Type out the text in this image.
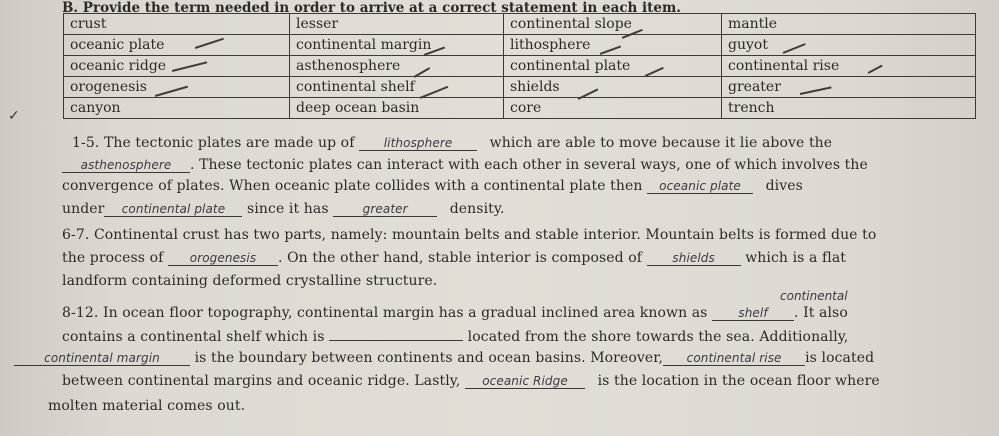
B. Provide the term needed in order to arrive at a correct statement in each item.
crust	lesser	continental slope	mantle
oceanic plate	continental margin	lithosphere	guyot
oceanic ridge	asthenosphere	continental plate	continental rise
orogenesis	continental shelf	shields	greater
canyon	deep ocean basin	core	trench
✓
1-5. The tectonic plates are made up of lithosphere	which are able to move because it lie above the
asthenosphere . These tectonic plates can interact with each other in several ways, one of which involves the
convergence of plates. When oceanic plate collides with a continental plate then oceanic plate dives
under continental plate since it has	greater	density.
6-7. Continental crust has two parts, namely: mountain belts and stable interior. Mountain belts is formed due to
the process of orogenesis . On the other hand, stable interior is composed of	shields which is a flat
landform containing deformed crystalline structure.
continental
8-12. In ocean floor topography, continental margin has a gradual inclined area known as	shelf . It also
contains a continental shelf which is	located from the shore towards the sea. Additionally,
continental margin is the boundary between continents and ocean basins. Moreover, continental rise is located
between continental margins and oceanic ridge. Lastly, oceanic Ridge is the location in the ocean floor where
molten material comes out.
